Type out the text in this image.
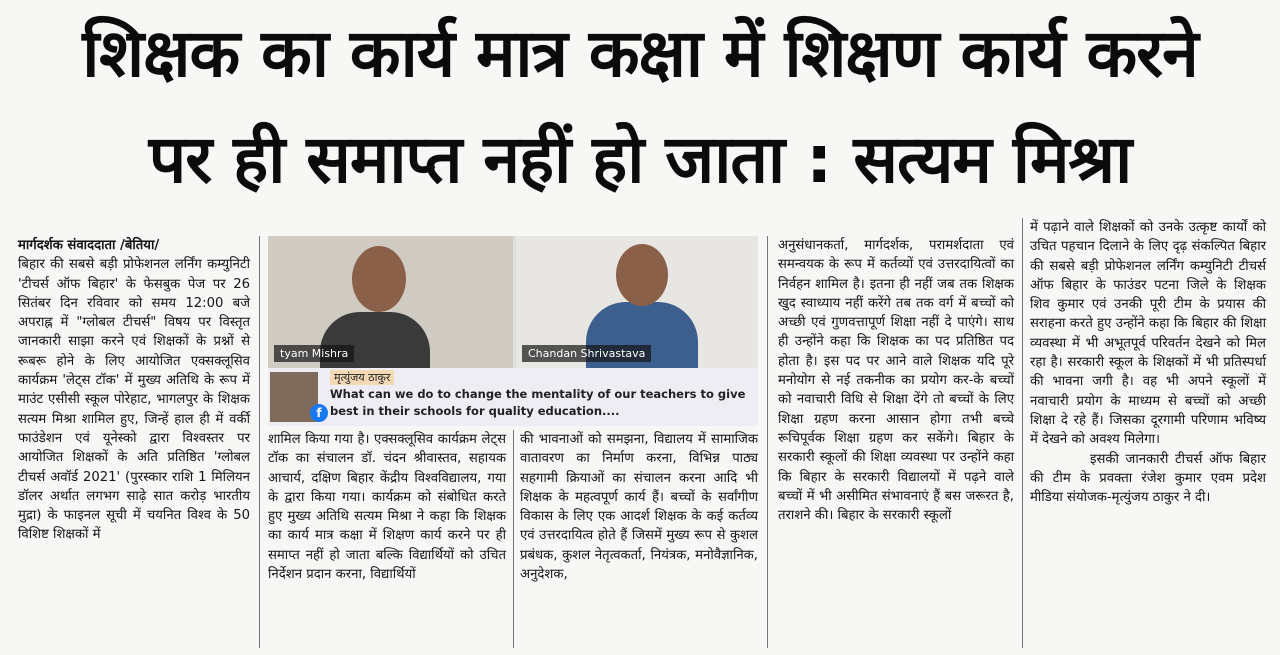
शिक्षक का कार्य मात्र कक्षा में शिक्षण कार्य करने
पर ही समाप्त नहीं हो जाता : सत्यम मिश्रा

मार्गदर्शक संवाददाता /बेतिया/

बिहार की सबसे बड़ी प्रोफेशनल लर्निंग कम्युनिटी 'टीचर्स ऑफ बिहार' के फेसबुक पेज पर 26 सितंबर दिन रविवार को समय 12:00 बजे अपराह्न में "ग्लोबल टीचर्स" विषय पर विस्तृत जानकारी साझा करने एवं शिक्षकों के प्रश्नों से रूबरू होने के लिए आयोजित एक्सक्लूसिव कार्यक्रम 'लेट्स टॉक' में मुख्य अतिथि के रूप में माउंट एसीसी स्कूल पोरेहाट, भागलपुर के शिक्षक सत्यम मिश्रा शामिल हुए, जिन्हें हाल ही में वर्की फाउंडेशन एवं यूनेस्को द्वारा विश्वस्तर पर आयोजित शिक्षकों के अति प्रतिष्ठित 'ग्लोबल टीचर्स अवॉर्ड 2021' (पुरस्कार राशि 1 मिलियन डॉलर अर्थात लगभग साढ़े सात करोड़ भारतीय मुद्रा) के फाइनल सूची में चयनित विश्व के 50 विशिष्ट शिक्षकों में

tyam Mishra	Chandan Shrivastava
f
मृत्युंजय ठाकुर
What can we do to change the mentality of our teachers to give best in their schools for quality education....

शामिल किया गया है। एक्सक्लूसिव कार्यक्रम लेट्स टॉक का संचालन डॉ. चंदन श्रीवास्तव, सहायक आचार्य, दक्षिण बिहार केंद्रीय विश्वविद्यालय, गया के द्वारा किया गया। कार्यक्रम को संबोधित करते हुए मुख्य अतिथि सत्यम मिश्रा ने कहा कि शिक्षक का कार्य मात्र कक्षा में शिक्षण कार्य करने पर ही समाप्त नहीं हो जाता बल्कि विद्यार्थियों को उचित निर्देशन प्रदान करना, विद्यार्थियों

की भावनाओं को समझना, विद्यालय में सामाजिक वातावरण का निर्माण करना, विभिन्न पाठ्य सहगामी क्रियाओं का संचालन करना आदि भी शिक्षक के महत्वपूर्ण कार्य हैं। बच्चों के सर्वांगीण विकास के लिए एक आदर्श शिक्षक के कई कर्तव्य एवं उत्तरदायित्व होते हैं जिसमें मुख्य रूप से कुशल प्रबंधक, कुशल नेतृत्वकर्ता, नियंत्रक, मनोवैज्ञानिक, अनुदेशक,

अनुसंधानकर्ता, मार्गदर्शक, परामर्शदाता एवं समन्वयक के रूप में कर्तव्यों एवं उत्तरदायित्वों का निर्वहन शामिल है। इतना ही नहीं जब तक शिक्षक खुद स्वाध्याय नहीं करेंगे तब तक वर्ग में बच्चों को अच्छी एवं गुणवत्तापूर्ण शिक्षा नहीं दे पाएंगे। साथ ही उन्होंने कहा कि शिक्षक का पद प्रतिष्ठित पद होता है। इस पद पर आने वाले शिक्षक यदि पूरे मनोयोग से नई तकनीक का प्रयोग कर-के बच्चों को नवाचारी विधि से शिक्षा देंगे तो बच्चों के लिए शिक्षा ग्रहण करना आसान होगा तभी बच्चे रूचिपूर्वक शिक्षा ग्रहण कर सकेंगे। बिहार के सरकारी स्कूलों की शिक्षा व्यवस्था पर उन्होंने कहा कि बिहार के सरकारी विद्यालयों में पढ़ने वाले बच्चों में भी असीमित संभावनाएं हैं बस जरूरत है, तराशने की। बिहार के सरकारी स्कूलों

में पढ़ाने वाले शिक्षकों को उनके उत्कृष्ट कार्यों को उचित पहचान दिलाने के लिए दृढ़ संकल्पित बिहार की सबसे बड़ी प्रोफेशनल लर्निंग कम्युनिटी टीचर्स ऑफ बिहार के फाउंडर पटना जिले के शिक्षक शिव कुमार एवं उनकी पूरी टीम के प्रयास की सराहना करते हुए उन्होंने कहा कि बिहार की शिक्षा व्यवस्था में भी अभूतपूर्व परिवर्तन देखने को मिल रहा है। सरकारी स्कूल के शिक्षकों में भी प्रतिस्पर्धा की भावना जगी है। वह भी अपने स्कूलों में नवाचारी प्रयोग के माध्यम से बच्चों को अच्छी शिक्षा दे रहे हैं। जिसका दूरगामी परिणाम भविष्य में देखने को अवश्य मिलेगा।

इसकी जानकारी टीचर्स ऑफ बिहार की टीम के प्रवक्ता रंजेश कुमार एवम प्रदेश मीडिया संयोजक-मृत्युंजय ठाकुर ने दी।
